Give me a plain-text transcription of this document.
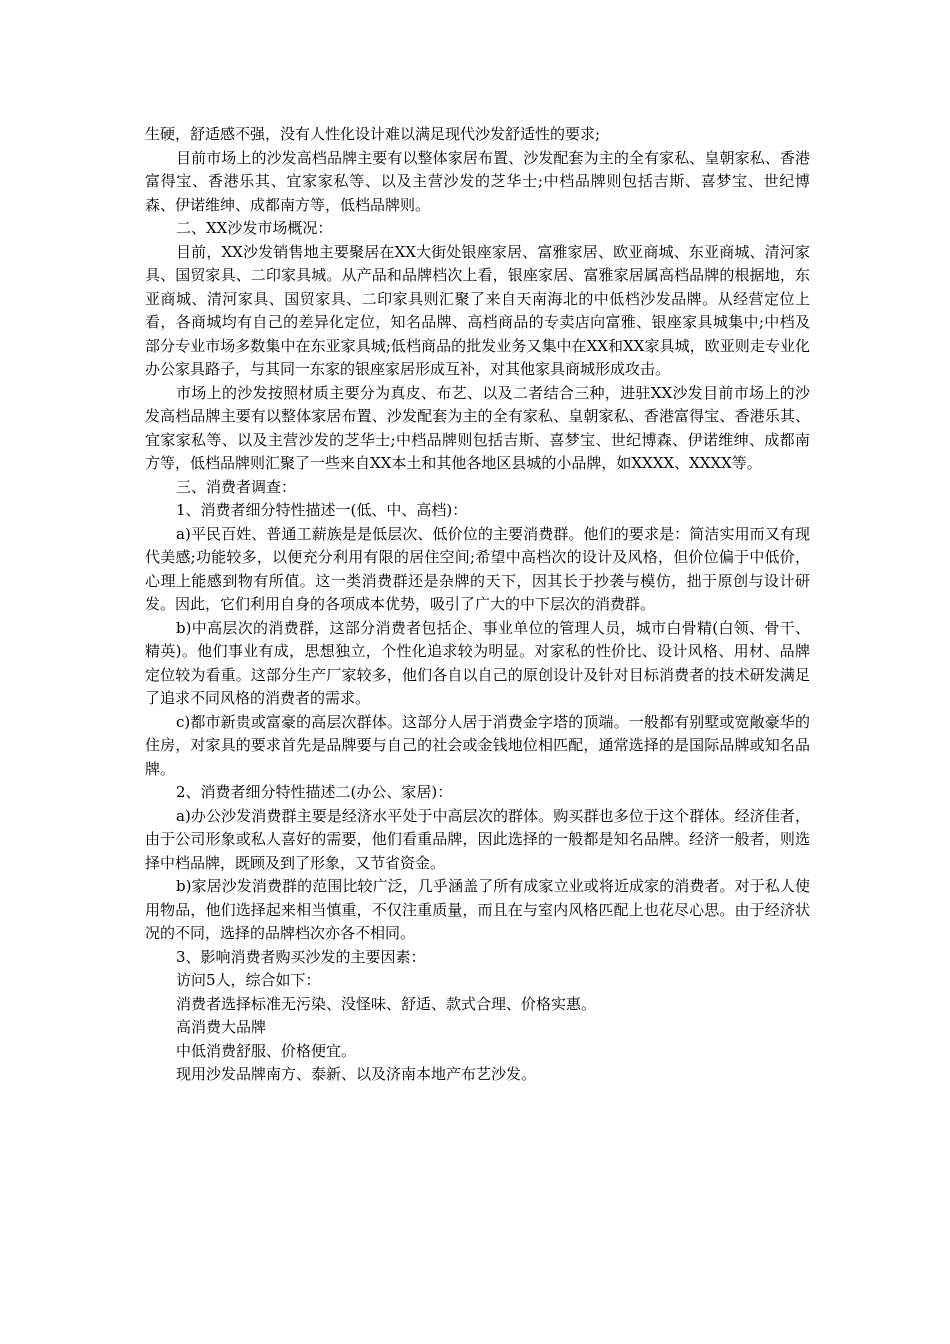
生硬，舒适感不强，没有人性化设计难以满足现代沙发舒适性的要求;

目前市场上的沙发高档品牌主要有以整体家居布置、沙发配套为主的全有家私、皇朝家私、香港富得宝、香港乐其、宜家家私等、以及主营沙发的芝华士;中档品牌则包括吉斯、喜梦宝、世纪博森、伊诺维绅、成都南方等，低档品牌则。

二、XX沙发市场概况：

目前，XX沙发销售地主要聚居在XX大街处银座家居、富雅家居、欧亚商城、东亚商城、清河家具、国贸家具、二印家具城。从产品和品牌档次上看，银座家居、富雅家居属高档品牌的根据地，东亚商城、清河家具、国贸家具、二印家具则汇聚了来自天南海北的中低档沙发品牌。从经营定位上看，各商城均有自己的差异化定位，知名品牌、高档商品的专卖店向富雅、银座家具城集中;中档及部分专业市场多数集中在东亚家具城;低档商品的批发业务又集中在XX和XX家具城，欧亚则走专业化办公家具路子，与其同一东家的银座家居形成互补，对其他家具商城形成攻击。

市场上的沙发按照材质主要分为真皮、布艺、以及二者结合三种，进驻XX沙发目前市场上的沙发高档品牌主要有以整体家居布置、沙发配套为主的全有家私、皇朝家私、香港富得宝、香港乐其、宜家家私等、以及主营沙发的芝华士;中档品牌则包括吉斯、喜梦宝、世纪博森、伊诺维绅、成都南方等，低档品牌则汇聚了一些来自XX本土和其他各地区县城的小品牌，如XXXX、XXXX等。

三、消费者调查：

1、消费者细分特性描述一(低、中、高档)：

a)平民百姓、普通工薪族是是低层次、低价位的主要消费群。他们的要求是：简洁实用而又有现代美感;功能较多，以便充分利用有限的居住空间;希望中高档次的设计及风格，但价位偏于中低价，心理上能感到物有所值。这一类消费群还是杂牌的天下，因其长于抄袭与模仿，拙于原创与设计研发。因此，它们利用自身的各项成本优势，吸引了广大的中下层次的消费群。

b)中高层次的消费群，这部分消费者包括企、事业单位的管理人员，城市白骨精(白领、骨干、精英)。他们事业有成，思想独立，个性化追求较为明显。对家私的性价比、设计风格、用材、品牌定位较为看重。这部分生产厂家较多，他们各自以自己的原创设计及针对目标消费者的技术研发满足了追求不同风格的消费者的需求。

c)都市新贵或富豪的高层次群体。这部分人居于消费金字塔的顶端。一般都有别墅或宽敞豪华的住房，对家具的要求首先是品牌要与自己的社会或金钱地位相匹配，通常选择的是国际品牌或知名品牌。

2、消费者细分特性描述二(办公、家居)：

a)办公沙发消费群主要是经济水平处于中高层次的群体。购买群也多位于这个群体。经济佳者，由于公司形象或私人喜好的需要，他们看重品牌，因此选择的一般都是知名品牌。经济一般者，则选择中档品牌，既顾及到了形象，又节省资金。

b)家居沙发消费群的范围比较广泛，几乎涵盖了所有成家立业或将近成家的消费者。对于私人使用物品，他们选择起来相当慎重，不仅注重质量，而且在与室内风格匹配上也花尽心思。由于经济状况的不同，选择的品牌档次亦各不相同。

3、影响消费者购买沙发的主要因素：

访问5人，综合如下：

消费者选择标准无污染、没怪味、舒适、款式合理、价格实惠。

高消费大品牌

中低消费舒服、价格便宜。

现用沙发品牌南方、泰新、以及济南本地产布艺沙发。
